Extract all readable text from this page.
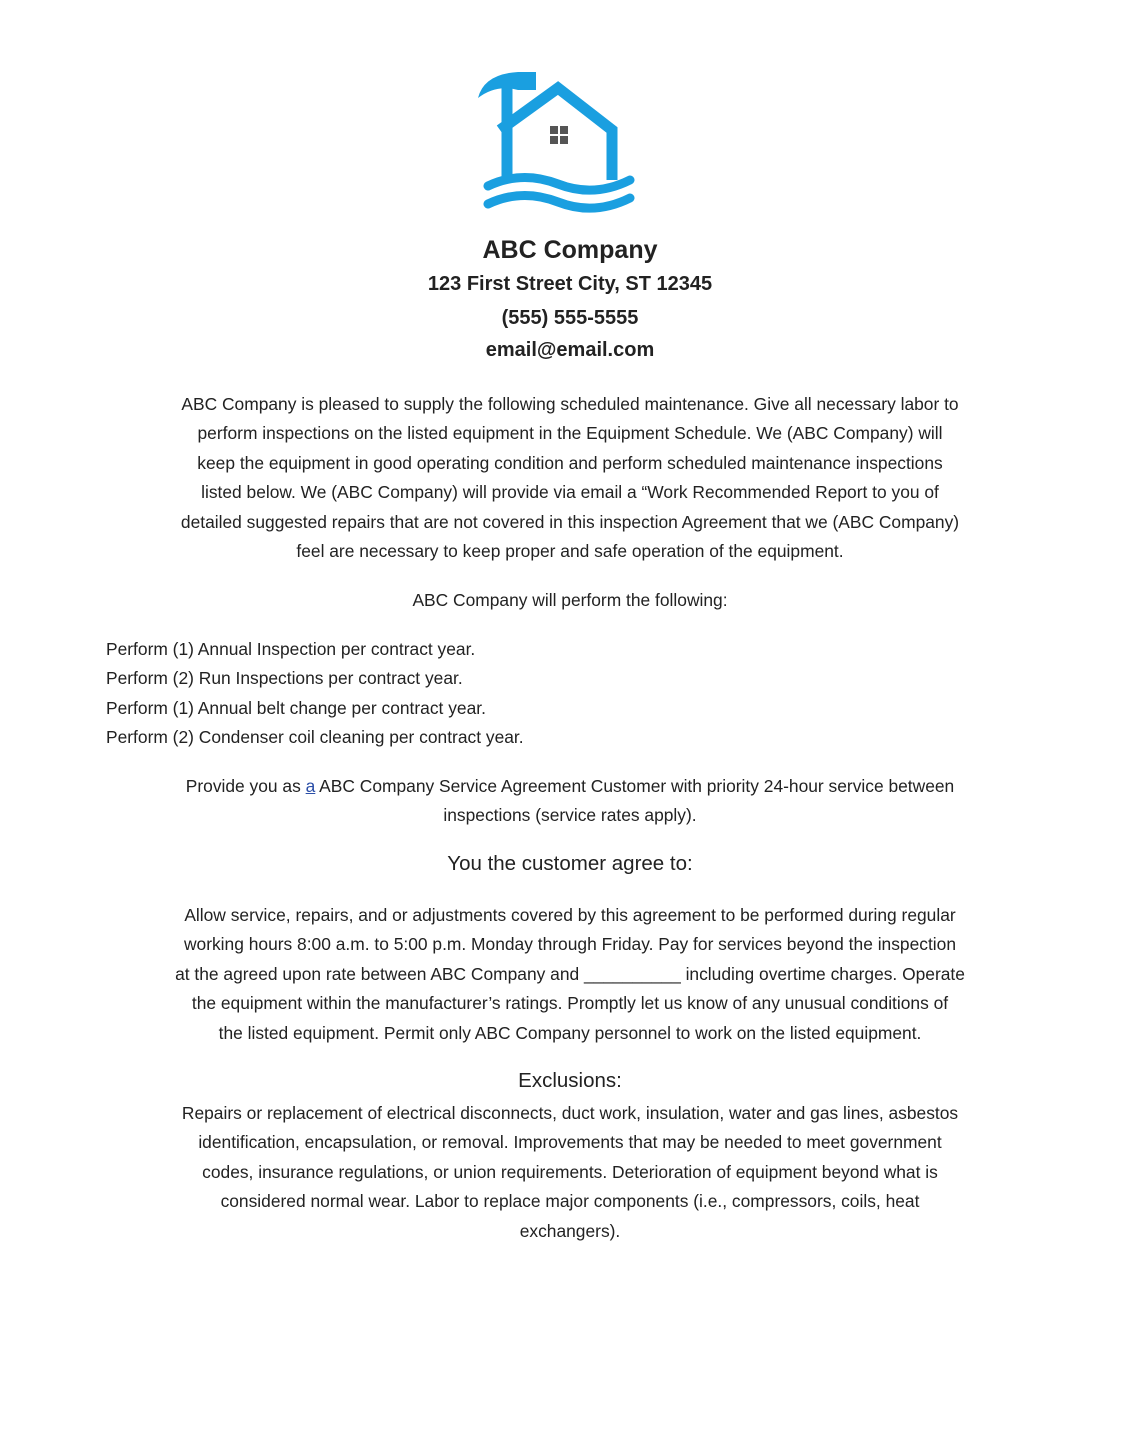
ABC Company
123 First Street City, ST 12345
(555) 555-5555
email@email.com
ABC Company is pleased to supply the following scheduled maintenance. Give all necessary labor to
perform inspections on the listed equipment in the Equipment Schedule. We (ABC Company) will
keep the equipment in good operating condition and perform scheduled maintenance inspections
listed below. We (ABC Company) will provide via email a “Work Recommended Report to you of
detailed suggested repairs that are not covered in this inspection Agreement that we (ABC Company)
feel are necessary to keep proper and safe operation of the equipment.
ABC Company will perform the following:
Perform (1) Annual Inspection per contract year.
Perform (2) Run Inspections per contract year.
Perform (1) Annual belt change per contract year.
Perform (2) Condenser coil cleaning per contract year.
Provide you as a ABC Company Service Agreement Customer with priority 24-hour service between
inspections (service rates apply).
You the customer agree to:
Allow service, repairs, and or adjustments covered by this agreement to be performed during regular
working hours 8:00 a.m. to 5:00 p.m. Monday through Friday. Pay for services beyond the inspection
at the agreed upon rate between ABC Company and __________ including overtime charges. Operate
the equipment within the manufacturer’s ratings. Promptly let us know of any unusual conditions of
the listed equipment. Permit only ABC Company personnel to work on the listed equipment.
Exclusions:
Repairs or replacement of electrical disconnects, duct work, insulation, water and gas lines, asbestos
identification, encapsulation, or removal. Improvements that may be needed to meet government
codes, insurance regulations, or union requirements. Deterioration of equipment beyond what is
considered normal wear. Labor to replace major components (i.e., compressors, coils, heat
exchangers).
